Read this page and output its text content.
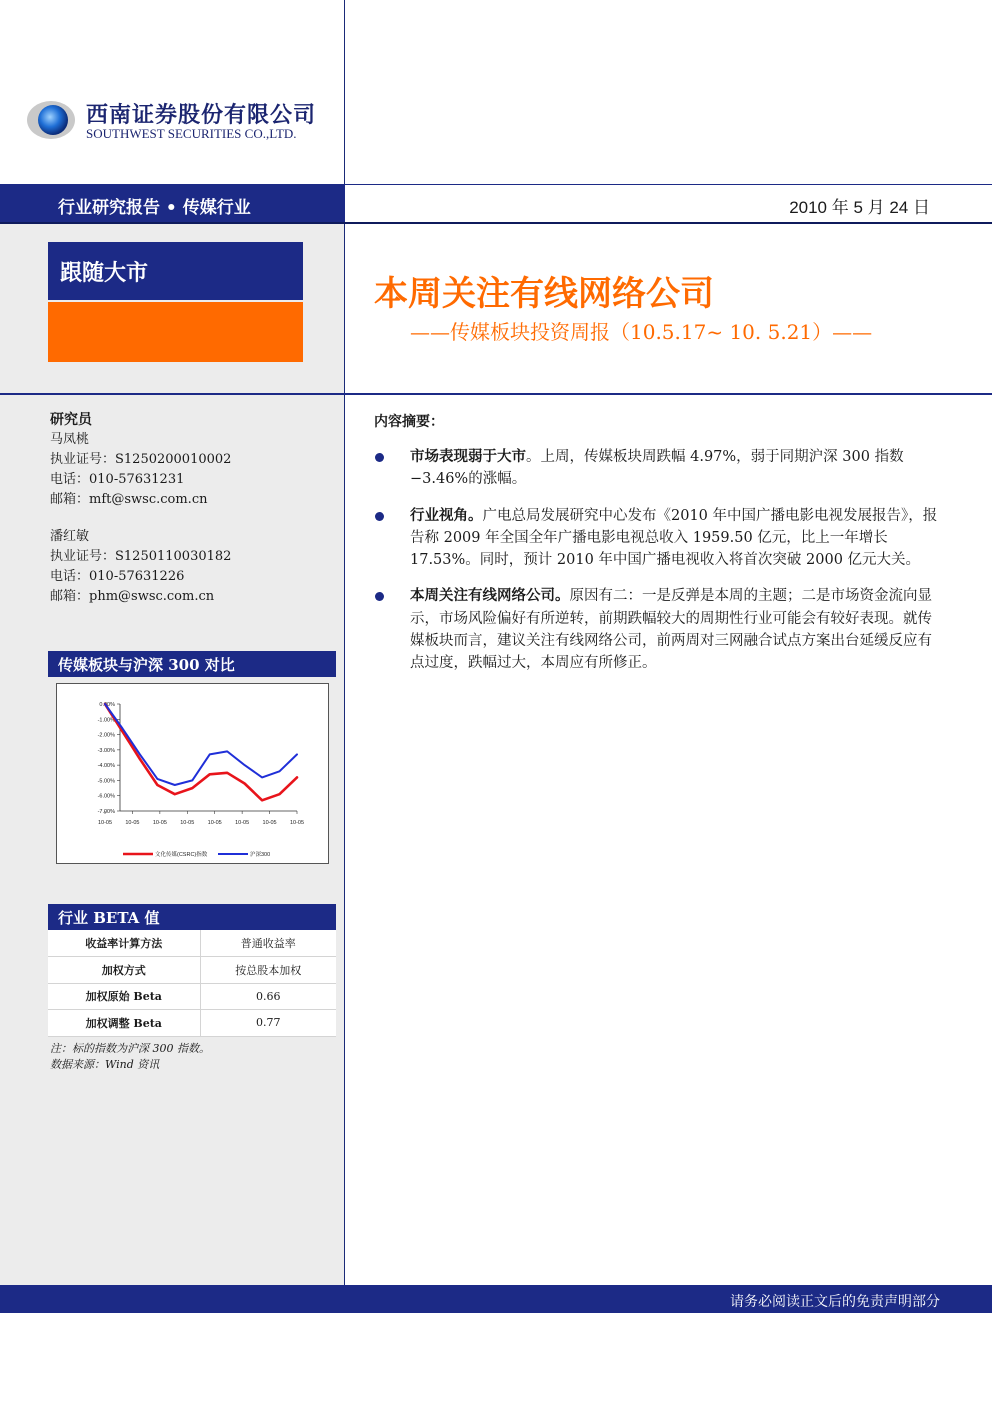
西南证券股份有限公司
SOUTHWEST SECURITIES CO.,LTD.
行业研究报告 • 传媒行业	2010 年 5 月 24 日
跟随大市
本周关注有线网络公司
——传媒板块投资周报（10.5.17~ 10. 5.21）——
研究员
马凤桃
执业证号：S1250200010002
电话：010-57631231
邮箱：mft@swsc.com.cn
潘红敏
执业证号：S1250110030182
电话：010-57631226
邮箱：phm@swsc.com.cn
传媒板块与沪深 300 对比
0.00%
-1.00%
-2.00%
-3.00%
-4.00%
-5.00%
-6.00%
-7.00%
10-05 10-05 10-05 10-05 10-05 10-05 10-05 10-05
文化传媒(CSRC)指数	沪深300
行业 BETA 值
收益率计算方法	普通收益率
加权方式	按总股本加权
加权原始 Beta	0.66
加权调整 Beta	0.77
注：标的指数为沪深 300 指数。
数据来源：Wind 资讯
内容摘要：
市场表现弱于大市。上周，传媒板块周跌幅 4.97%，弱于同期沪深 300 指数 −3.46%的涨幅。
行业视角。广电总局发展研究中心发布《2010 年中国广播电影电视发展报告》，报告称 2009 年全国全年广播电影电视总收入 1959.50 亿元，比上一年增长 17.53%。同时，预计 2010 年中国广播电视收入将首次突破 2000 亿元大关。
本周关注有线网络公司。原因有二：一是反弹是本周的主题；二是市场资金流向显示，市场风险偏好有所逆转，前期跌幅较大的周期性行业可能会有较好表现。就传媒板块而言，建议关注有线网络公司，前两周对三网融合试点方案出台延缓反应有点过度，跌幅过大，本周应有所修正。
请务必阅读正文后的免责声明部分
